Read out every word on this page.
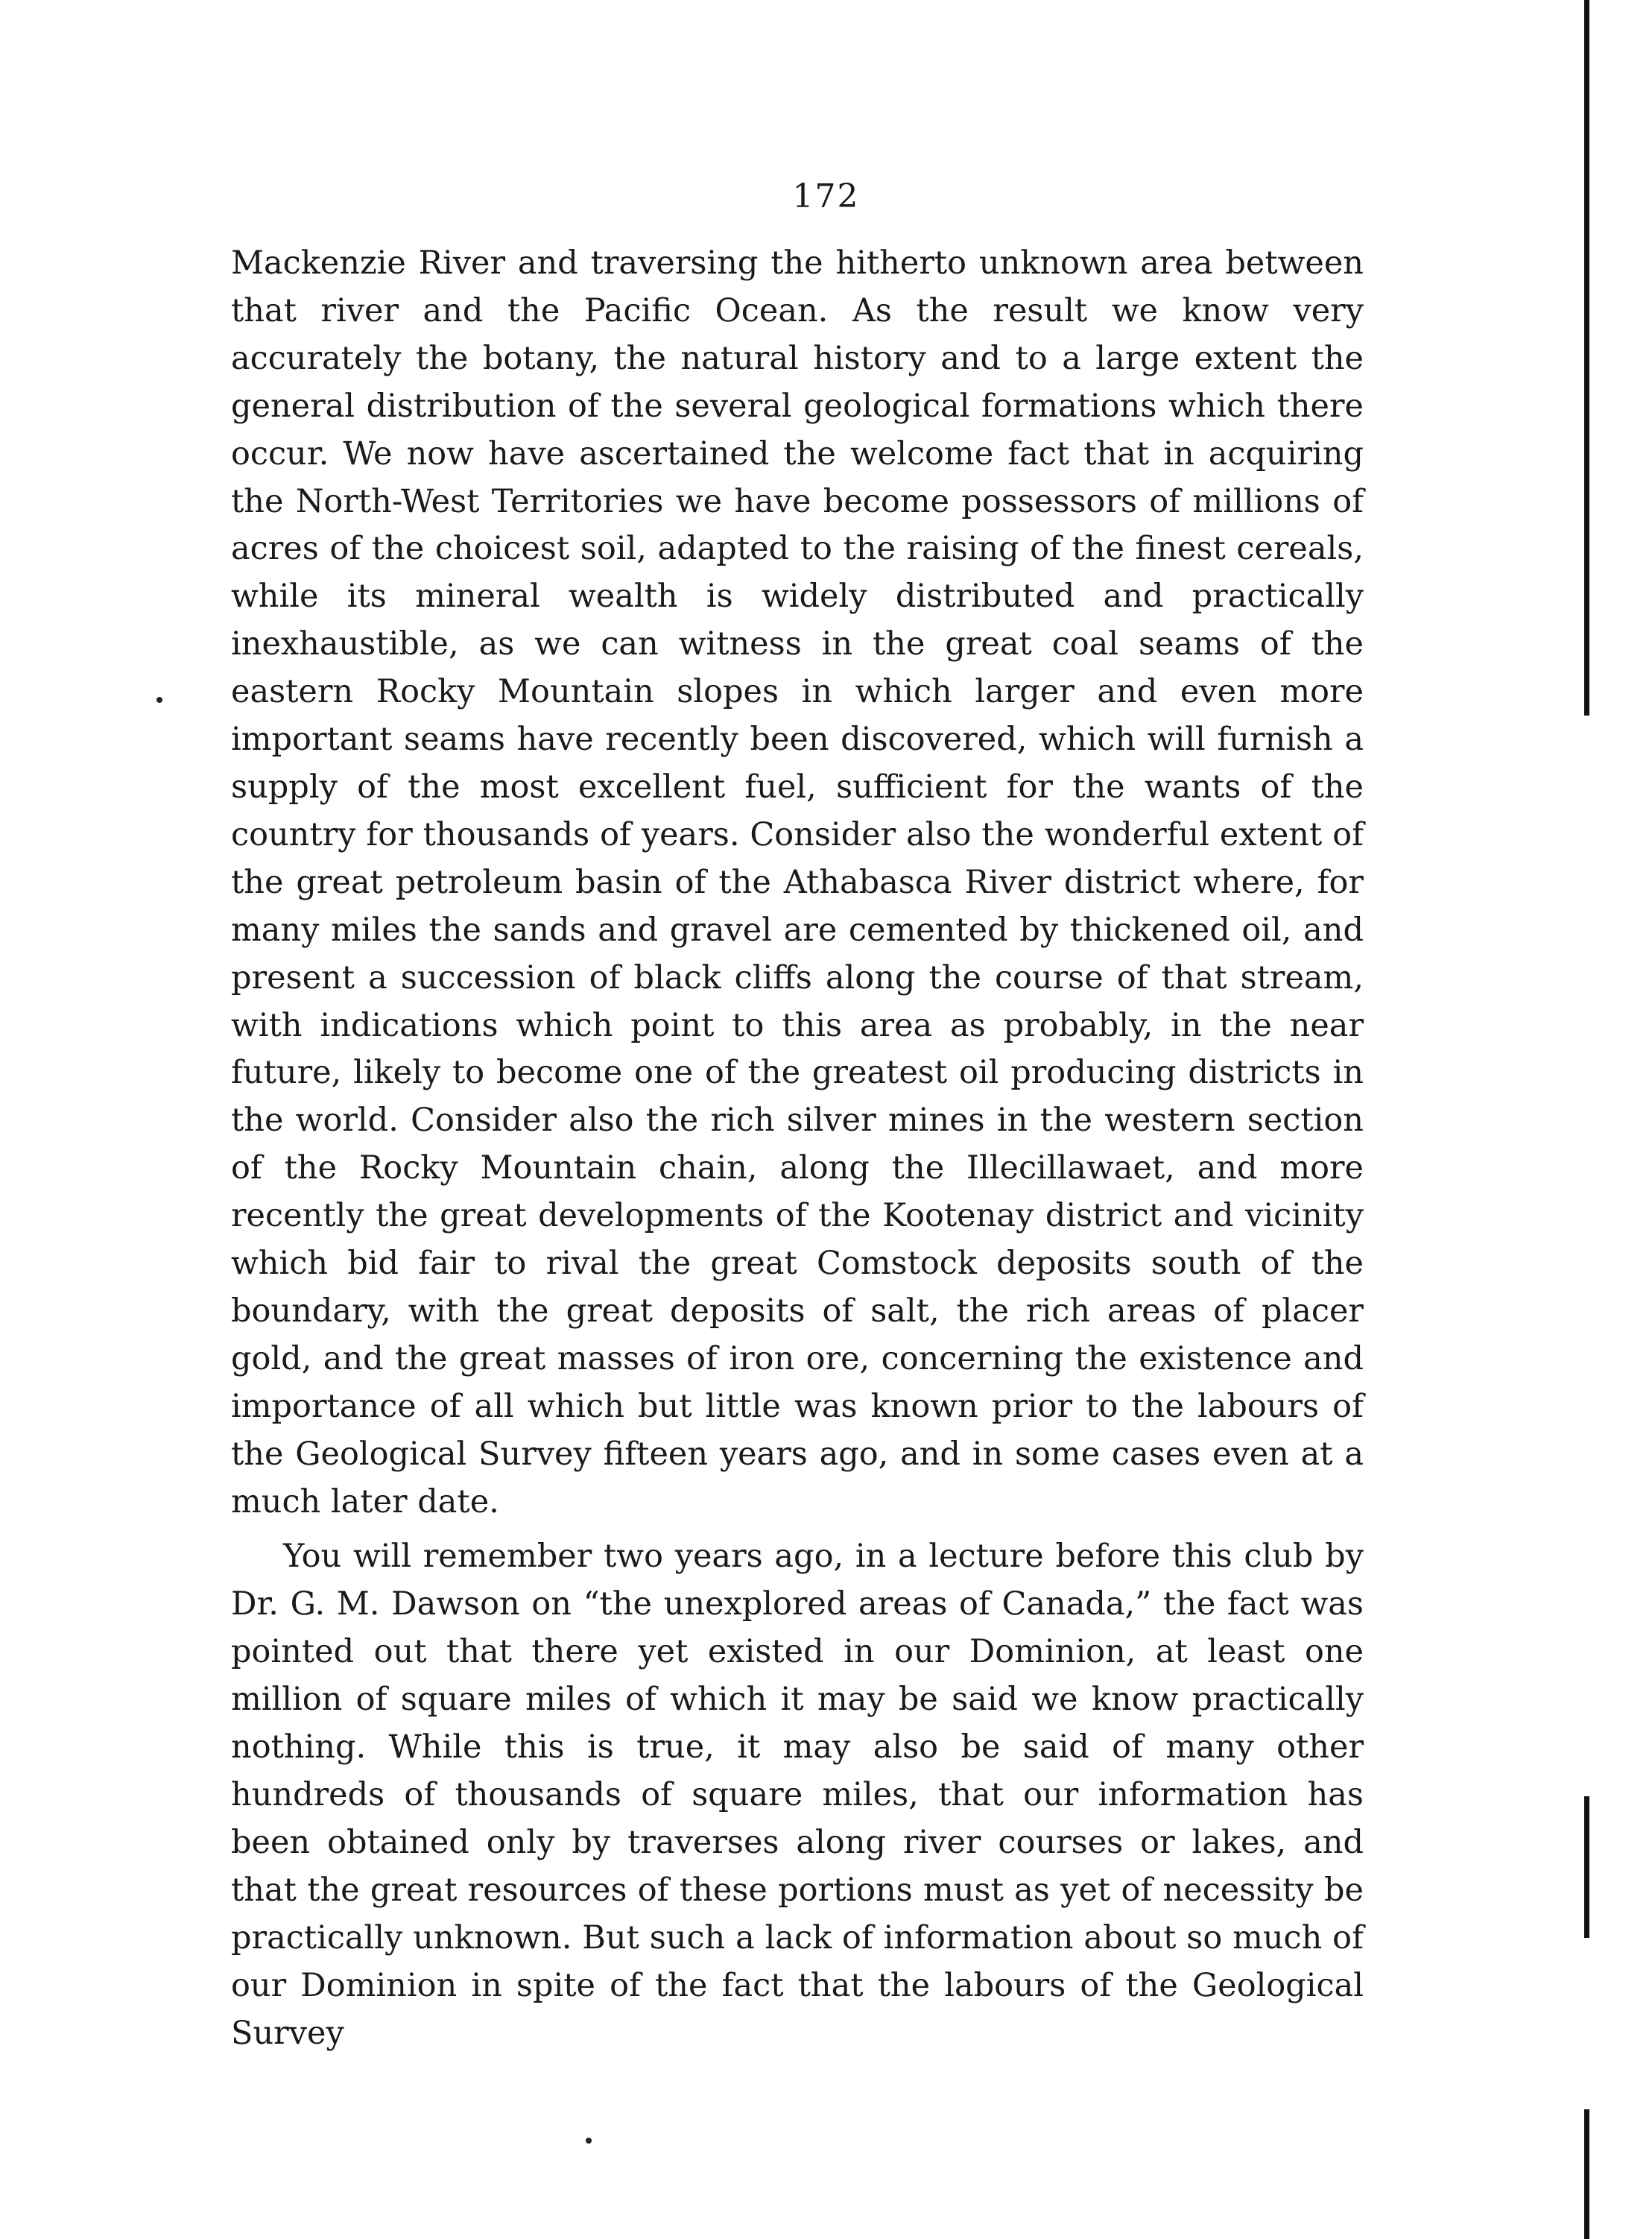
172

Mackenzie River and traversing the hitherto unknown area between that river and the Pacific Ocean. As the result we know very accurately the botany, the natural history and to a large extent the general distribution of the several geological formations which there occur. We now have ascertained the welcome fact that in acquiring the North-West Territories we have become possessors of millions of acres of the choicest soil, adapted to the raising of the finest cereals, while its mineral wealth is widely distributed and practically inexhaustible, as we can witness in the great coal seams of the eastern Rocky Mountain slopes in which larger and even more important seams have recently been discovered, which will furnish a supply of the most excellent fuel, sufficient for the wants of the country for thousands of years. Consider also the wonderful extent of the great petroleum basin of the Athabasca River district where, for many miles the sands and gravel are cemented by thickened oil, and present a succession of black cliffs along the course of that stream, with indications which point to this area as probably, in the near future, likely to become one of the greatest oil producing districts in the world. Consider also the rich silver mines in the western section of the Rocky Mountain chain, along the Illecillawaet, and more recently the great developments of the Kootenay district and vicinity which bid fair to rival the great Comstock deposits south of the boundary, with the great deposits of salt, the rich areas of placer gold, and the great masses of iron ore, concerning the existence and importance of all which but little was known prior to the labours of the Geological Survey fifteen years ago, and in some cases even at a much later date.

You will remember two years ago, in a lecture before this club by Dr. G. M. Dawson on “the unexplored areas of Canada,” the fact was pointed out that there yet existed in our Dominion, at least one million of square miles of which it may be said we know practically nothing. While this is true, it may also be said of many other hundreds of thousands of square miles, that our information has been obtained only by traverses along river courses or lakes, and that the great resources of these portions must as yet of necessity be practically unknown. But such a lack of information about so much of our Dominion in spite of the fact that the labours of the Geological Survey
